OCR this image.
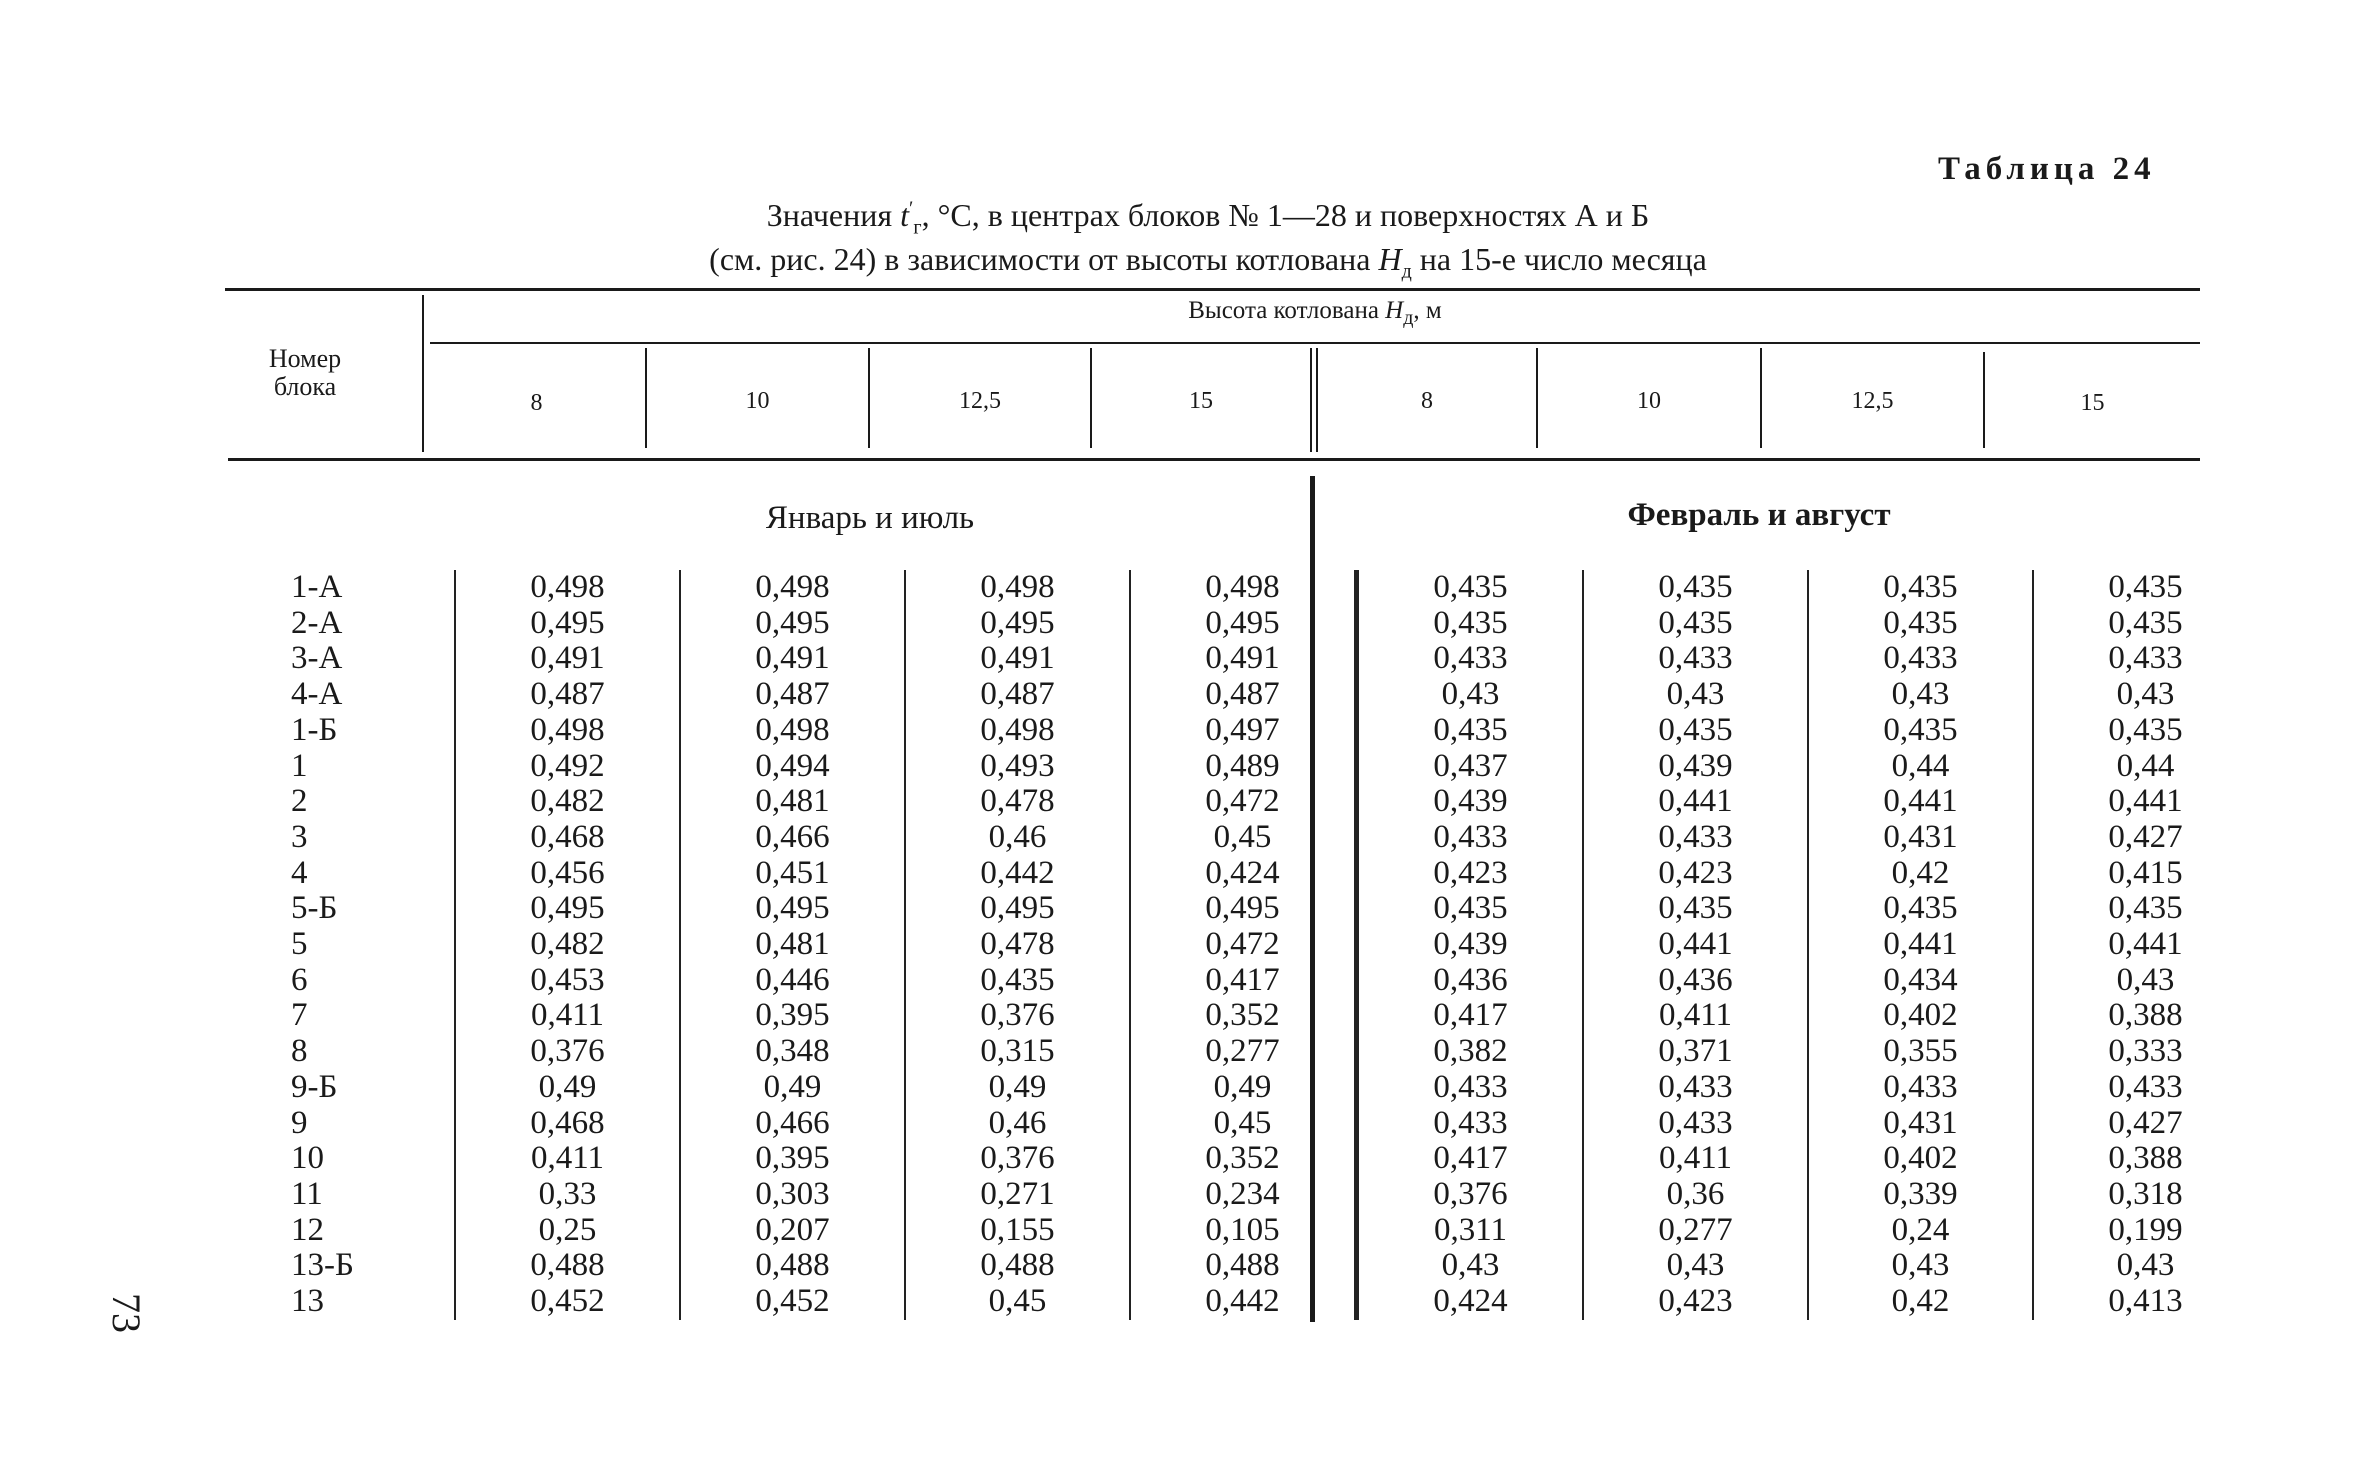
Таблица 24
Значения $t'_г$, °С, в центрах блоков № 1—28 и поверхностях А и Б
(см. рис. 24) в зависимости от высоты котлована $H_д$ на 15-е число месяца
Номер блока
Высота котлована $H_д$, м
8	10	12,5	15	8	10	12,5	15
Январь и июль	Февраль и август
1-А	0,498	0,498	0,498	0,498	0,435	0,435	0,435	0,435
2-А	0,495	0,495	0,495	0,495	0,435	0,435	0,435	0,435
3-А	0,491	0,491	0,491	0,491	0,433	0,433	0,433	0,433
4-А	0,487	0,487	0,487	0,487	0,43	0,43	0,43	0,43
1-Б	0,498	0,498	0,498	0,497	0,435	0,435	0,435	0,435
1	0,492	0,494	0,493	0,489	0,437	0,439	0,44	0,44
2	0,482	0,481	0,478	0,472	0,439	0,441	0,441	0,441
3	0,468	0,466	0,46	0,45	0,433	0,433	0,431	0,427
4	0,456	0,451	0,442	0,424	0,423	0,423	0,42	0,415
5-Б	0,495	0,495	0,495	0,495	0,435	0,435	0,435	0,435
5	0,482	0,481	0,478	0,472	0,439	0,441	0,441	0,441
6	0,453	0,446	0,435	0,417	0,436	0,436	0,434	0,43
7	0,411	0,395	0,376	0,352	0,417	0,411	0,402	0,388
8	0,376	0,348	0,315	0,277	0,382	0,371	0,355	0,333
9-Б	0,49	0,49	0,49	0,49	0,433	0,433	0,433	0,433
9	0,468	0,466	0,46	0,45	0,433	0,433	0,431	0,427
10	0,411	0,395	0,376	0,352	0,417	0,411	0,402	0,388
11	0,33	0,303	0,271	0,234	0,376	0,36	0,339	0,318
12	0,25	0,207	0,155	0,105	0,311	0,277	0,24	0,199
13-Б	0,488	0,488	0,488	0,488	0,43	0,43	0,43	0,43
13	0,452	0,452	0,45	0,442	0,424	0,423	0,42	0,413
73
